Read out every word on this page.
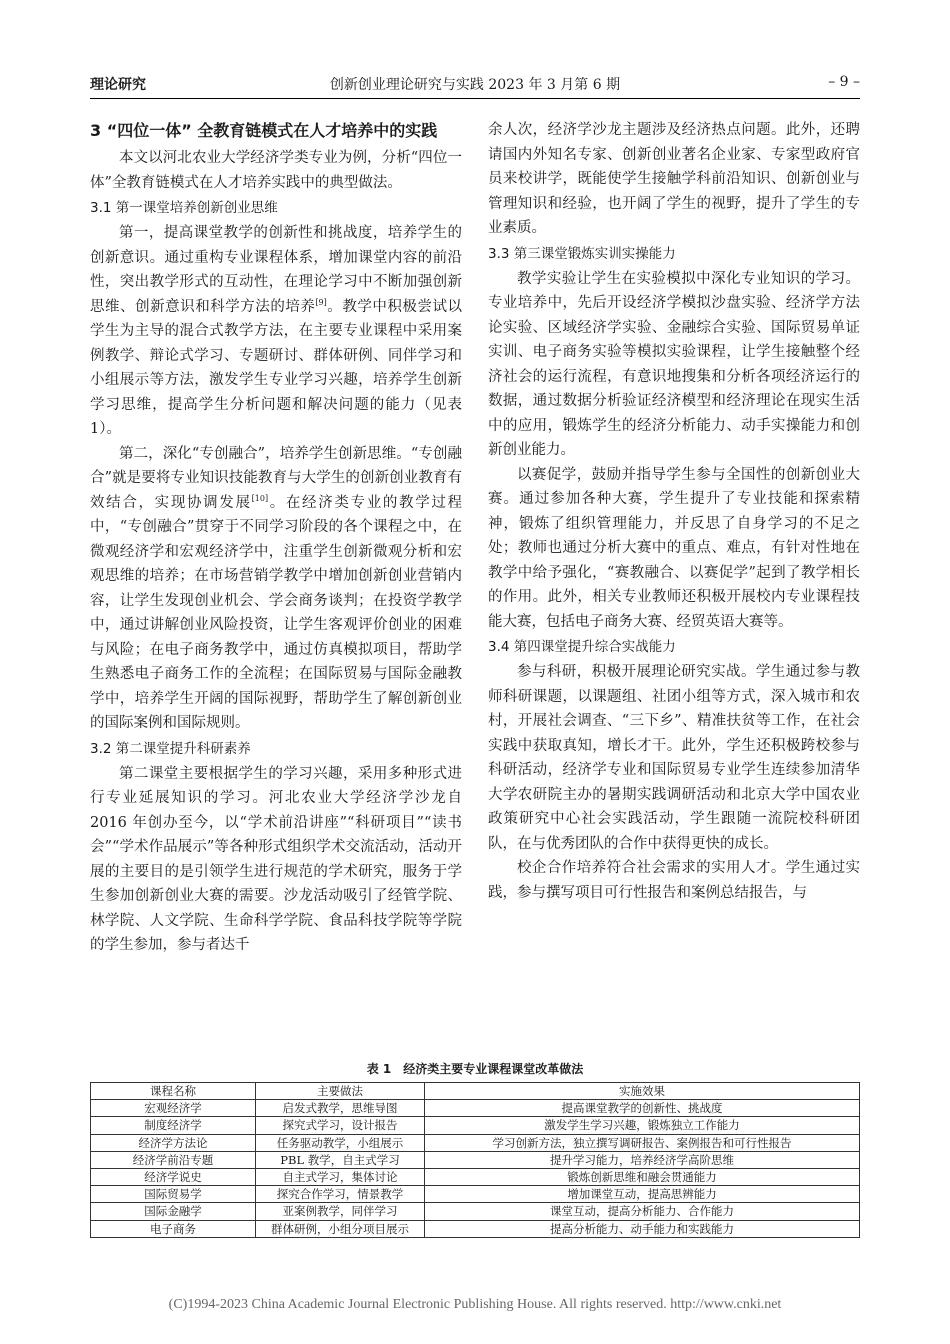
理论研究	创新创业理论研究与实践 2023 年 3 月第 6 期	– 9 –
3 “四位一体” 全教育链模式在人才培养中的实践

本文以河北农业大学经济学类专业为例，分析“四位一体”全教育链模式在人才培养实践中的典型做法。

3.1 第一课堂培养创新创业思维

第一，提高课堂教学的创新性和挑战度，培养学生的创新意识。通过重构专业课程体系，增加课堂内容的前沿性，突出教学形式的互动性，在理论学习中不断加强创新思维、创新意识和科学方法的培养[9]。教学中积极尝试以学生为主导的混合式教学方法，在主要专业课程中采用案例教学、辩论式学习、专题研讨、群体研例、同伴学习和小组展示等方法，激发学生专业学习兴趣，培养学生创新学习思维，提高学生分析问题和解决问题的能力（见表 1）。

第二，深化“专创融合”，培养学生创新思维。“专创融合”就是要将专业知识技能教育与大学生的创新创业教育有效结合，实现协调发展[10]。在经济类专业的教学过程中，“专创融合”贯穿于不同学习阶段的各个课程之中，在微观经济学和宏观经济学中，注重学生创新微观分析和宏观思维的培养；在市场营销学教学中增加创新创业营销内容，让学生发现创业机会、学会商务谈判；在投资学教学中，通过讲解创业风险投资，让学生客观评价创业的困难与风险；在电子商务教学中，通过仿真模拟项目，帮助学生熟悉电子商务工作的全流程；在国际贸易与国际金融教学中，培养学生开阔的国际视野，帮助学生了解创新创业的国际案例和国际规则。

3.2 第二课堂提升科研素养

第二课堂主要根据学生的学习兴趣，采用多种形式进行专业延展知识的学习。河北农业大学经济学沙龙自 2016 年创办至今，以“学术前沿讲座”“科研项目”“读书会”“学术作品展示”等各种形式组织学术交流活动，活动开展的主要目的是引领学生进行规范的学术研究，服务于学生参加创新创业大赛的需要。沙龙活动吸引了经管学院、林学院、人文学院、生命科学学院、食品科技学院等学院的学生参加，参与者达千

余人次，经济学沙龙主题涉及经济热点问题。此外，还聘请国内外知名专家、创新创业著名企业家、专家型政府官员来校讲学，既能使学生接触学科前沿知识、创新创业与管理知识和经验，也开阔了学生的视野，提升了学生的专业素质。

3.3 第三课堂锻炼实训实操能力

教学实验让学生在实验模拟中深化专业知识的学习。专业培养中，先后开设经济学模拟沙盘实验、经济学方法论实验、区域经济学实验、金融综合实验、国际贸易单证实训、电子商务实验等模拟实验课程，让学生接触整个经济社会的运行流程，有意识地搜集和分析各项经济运行的数据，通过数据分析验证经济模型和经济理论在现实生活中的应用，锻炼学生的经济分析能力、动手实操能力和创新创业能力。

以赛促学，鼓励并指导学生参与全国性的创新创业大赛。通过参加各种大赛，学生提升了专业技能和探索精神，锻炼了组织管理能力，并反思了自身学习的不足之处；教师也通过分析大赛中的重点、难点，有针对性地在教学中给予强化，“赛教融合、以赛促学”起到了教学相长的作用。此外，相关专业教师还积极开展校内专业课程技能大赛，包括电子商务大赛、经贸英语大赛等。

3.4 第四课堂提升综合实战能力

参与科研，积极开展理论研究实战。学生通过参与教师科研课题，以课题组、社团小组等方式，深入城市和农村，开展社会调查、“三下乡”、精准扶贫等工作，在社会实践中获取真知，增长才干。此外，学生还积极跨校参与科研活动，经济学专业和国际贸易专业学生连续参加清华大学农研院主办的暑期实践调研活动和北京大学中国农业政策研究中心社会实践活动，学生跟随一流院校科研团队，在与优秀团队的合作中获得更快的成长。

校企合作培养符合社会需求的实用人才。学生通过实践，参与撰写项目可行性报告和案例总结报告，与

表 1　经济类主要专业课程课堂改革做法
课程名称	主要做法	实施效果
宏观经济学	启发式教学，思维导图	提高课堂教学的创新性、挑战度
制度经济学	探究式学习，设计报告	激发学生学习兴趣，锻炼独立工作能力
经济学方法论	任务驱动教学，小组展示	学习创新方法，独立撰写调研报告、案例报告和可行性报告
经济学前沿专题	PBL 教学，自主式学习	提升学习能力，培养经济学高阶思维
经济学说史	自主式学习，集体讨论	锻炼创新思维和融会贯通能力
国际贸易学	探究合作学习，情景教学	增加课堂互动，提高思辨能力
国际金融学	亚案例教学，同伴学习	课堂互动，提高分析能力、合作能力
电子商务	群体研例，小组分项目展示	提高分析能力、动手能力和实践能力
(C)1994-2023 China Academic Journal Electronic Publishing House. All rights reserved. http://www.cnki.net
